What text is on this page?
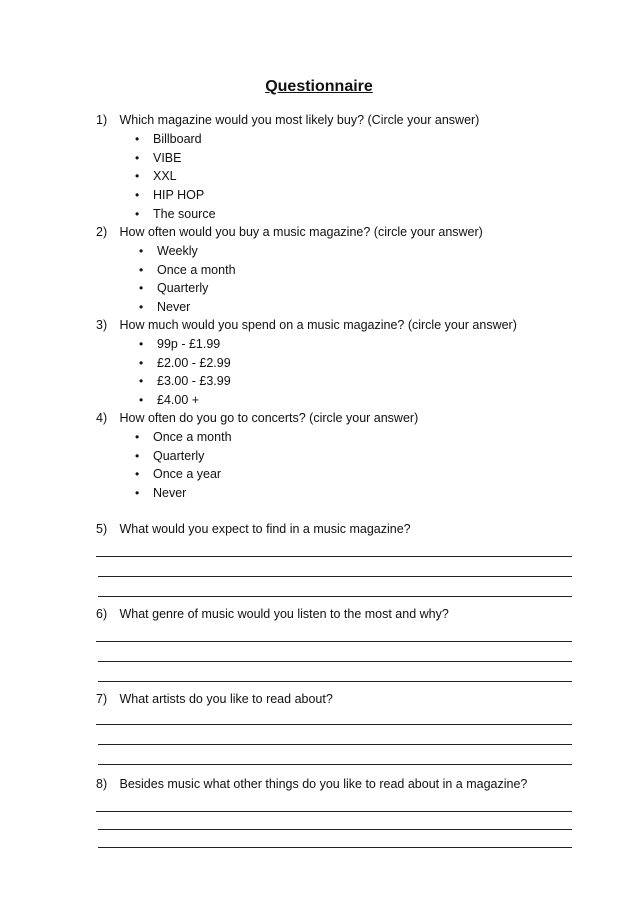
Questionnaire
1) Which magazine would you most likely buy? (Circle your answer)
• Billboard
• VIBE
• XXL
• HIP HOP
• The source
2) How often would you buy a music magazine? (circle your answer)
• Weekly
• Once a month
• Quarterly
• Never
3) How much would you spend on a music magazine? (circle your answer)
• 99p - £1.99
• £2.00 - £2.99
• £3.00 - £3.99
• £4.00 +
4) How often do you go to concerts? (circle your answer)
• Once a month
• Quarterly
• Once a year
• Never
5) What would you expect to find in a music magazine?
6) What genre of music would you listen to the most and why?
7) What artists do you like to read about?
8) Besides music what other things do you like to read about in a magazine?
